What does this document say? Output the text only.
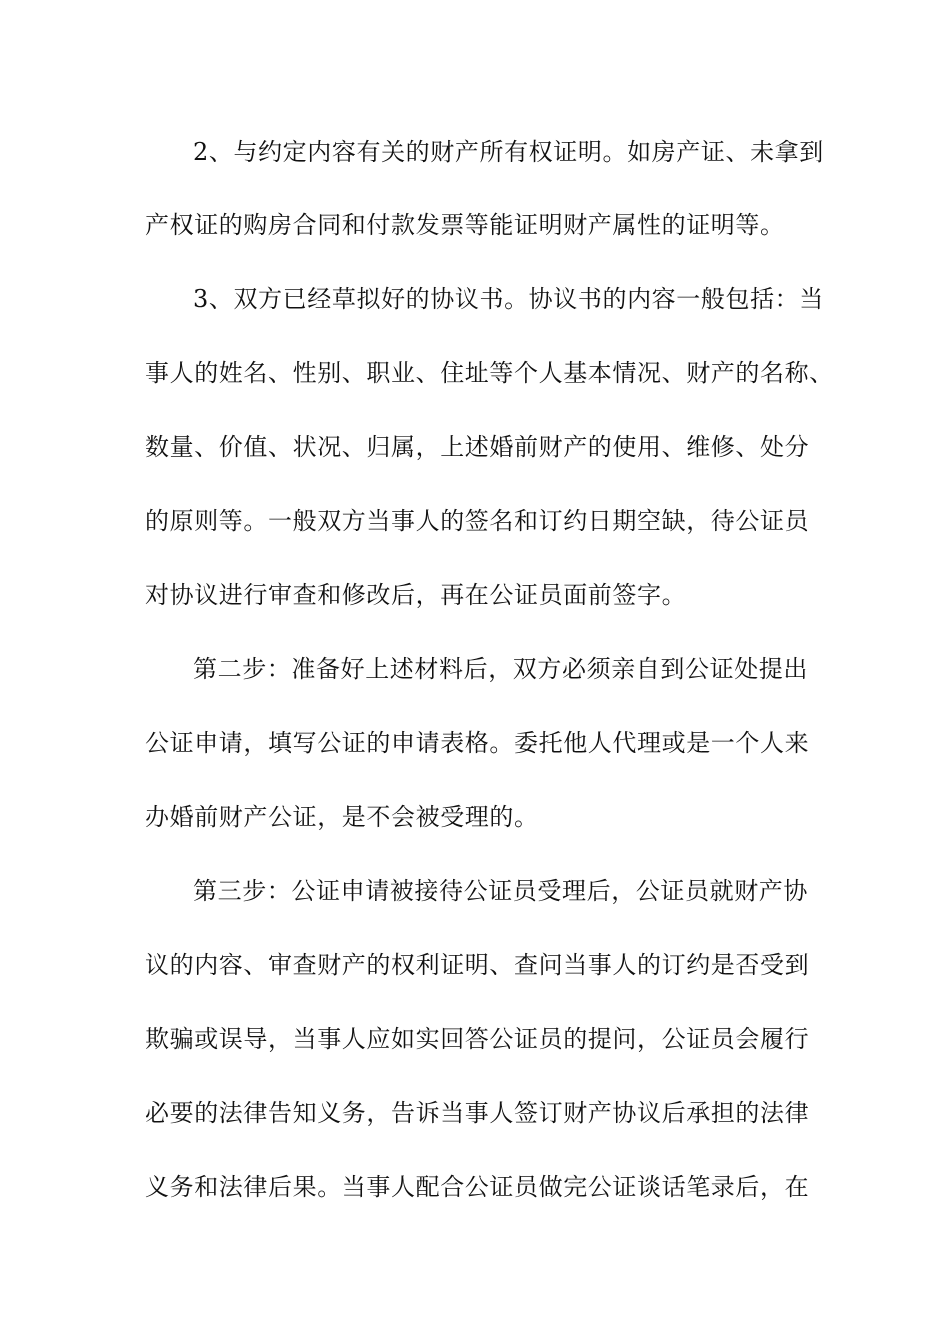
2、与约定内容有关的财产所有权证明。如房产证、未拿到
产权证的购房合同和付款发票等能证明财产属性的证明等。
3、双方已经草拟好的协议书。协议书的内容一般包括：当
事人的姓名、性别、职业、住址等个人基本情况、财产的名称、
数量、价值、状况、归属，上述婚前财产的使用、维修、处分
的原则等。一般双方当事人的签名和订约日期空缺，待公证员
对协议进行审查和修改后，再在公证员面前签字。
第二步：准备好上述材料后，双方必须亲自到公证处提出
公证申请，填写公证的申请表格。委托他人代理或是一个人来
办婚前财产公证，是不会被受理的。
第三步：公证申请被接待公证员受理后，公证员就财产协
议的内容、审查财产的权利证明、查问当事人的订约是否受到
欺骗或误导，当事人应如实回答公证员的提问，公证员会履行
必要的法律告知义务，告诉当事人签订财产协议后承担的法律
义务和法律后果。当事人配合公证员做完公证谈话笔录后，在
